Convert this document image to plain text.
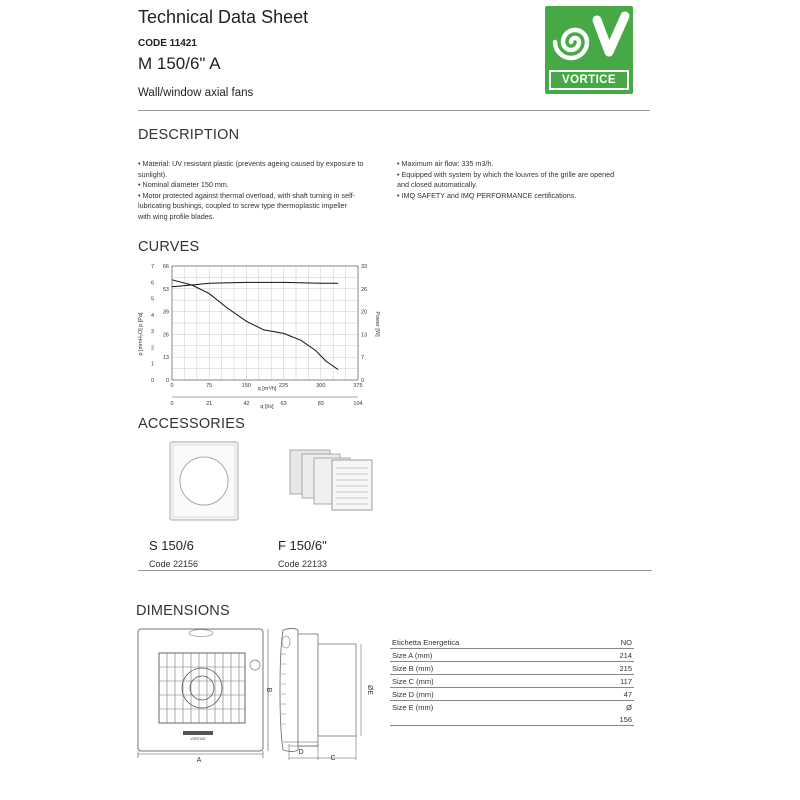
Technical Data Sheet
CODE 11421
M 150/6" A
Wall/window axial fans
VORTICE
DESCRIPTION
• Material: UV resistant plastic (prevents ageing caused by exposure to
sunlight).
• Nominal diameter 150 mm.
• Motor protected against thermal overload, with shaft turning in self-
lubricating bushings, coupled to screw type thermoplastic impeller
with wing profile blades.
• Maximum air flow: 335 m3/h.
• Equipped with system by which the louvres of the grille are opened
and closed automatically.
• IMQ SAFETY and IMQ PERFORMANCE certifications.
CURVES
0	75	150	225	300	375
0	21	42	63	83	104
0
13
26
39
53
66
0
1
2
3
4
5
6
7
0
7
13
20
26
33
p [mmH₂O] p [Pa]	Power [W]
q [m³/h]
q [l/s]
ACCESSORIES
S 150/6
Code 22156
F 150/6"
Code 22133
DIMENSIONS
VORTICE
A
B
D
C
ØE
Etichetta Energetica	NO
Size A (mm)	214
Size B (mm)	215
Size C (mm)	117
Size D (mm)	47
Size E (mm)	Ø
	156
